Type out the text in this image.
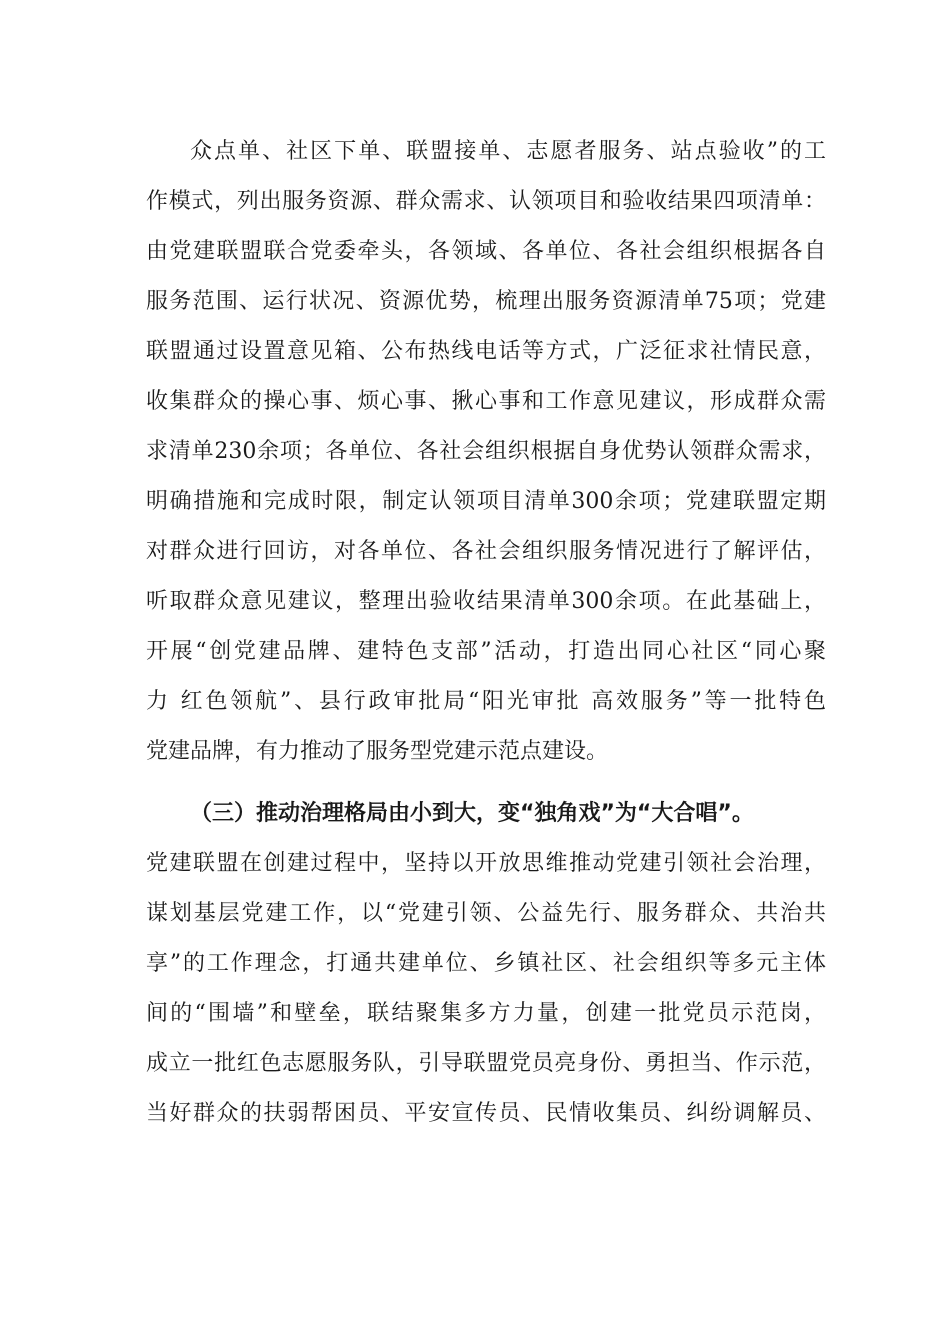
众点单、社区下单、联盟接单、志愿者服务、站点验收”的工
作模式，列出服务资源、群众需求、认领项目和验收结果四项清单：
由党建联盟联合党委牵头，各领域、各单位、各社会组织根据各自
服务范围、运行状况、资源优势，梳理出服务资源清单75项；党建
联盟通过设置意见箱、公布热线电话等方式，广泛征求社情民意，
收集群众的操心事、烦心事、揪心事和工作意见建议，形成群众需
求清单230余项；各单位、各社会组织根据自身优势认领群众需求，
明确措施和完成时限，制定认领项目清单300余项；党建联盟定期
对群众进行回访，对各单位、各社会组织服务情况进行了解评估，
听取群众意见建议，整理出验收结果清单300余项。在此基础上，
开展“创党建品牌、建特色支部”活动，打造出同心社区“同心聚
力 红色领航”、县行政审批局“阳光审批 高效服务”等一批特色
党建品牌，有力推动了服务型党建示范点建设。
（三）推动治理格局由小到大，变“独角戏”为“大合唱”。
党建联盟在创建过程中，坚持以开放思维推动党建引领社会治理，
谋划基层党建工作，以“党建引领、公益先行、服务群众、共治共
享”的工作理念，打通共建单位、乡镇社区、社会组织等多元主体
间的“围墙”和壁垒，联结聚集多方力量，创建一批党员示范岗，
成立一批红色志愿服务队，引导联盟党员亮身份、勇担当、作示范，
当好群众的扶弱帮困员、平安宣传员、民情收集员、纠纷调解员、
